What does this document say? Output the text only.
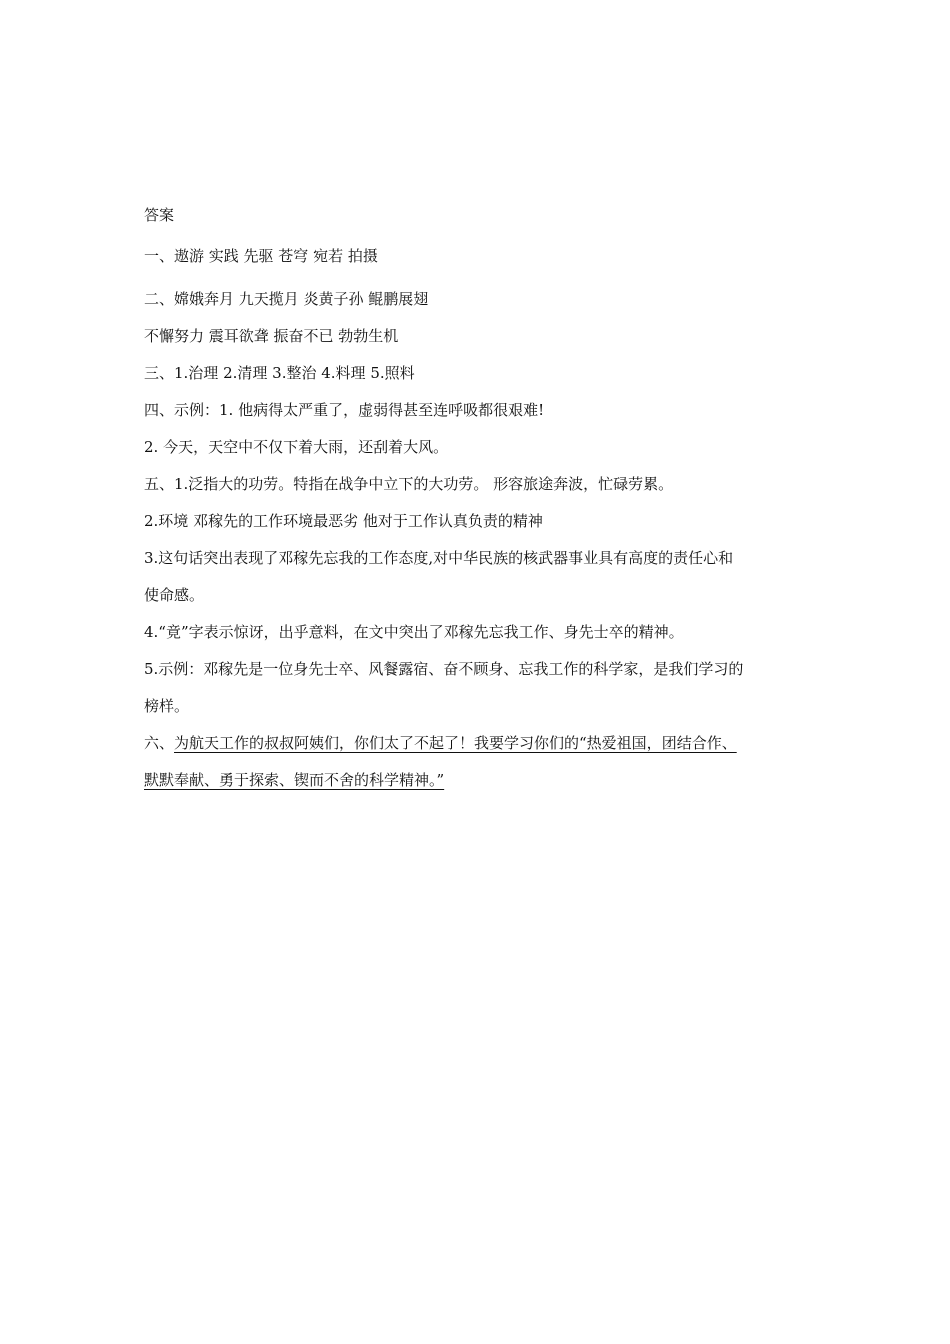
答案
一、遨游 实践 先驱 苍穹 宛若 拍摄
二、嫦娥奔月 九天揽月 炎黄子孙 鲲鹏展翅
不懈努力 震耳欲聋 振奋不已 勃勃生机
三、1.治理 2.清理 3.整治 4.料理 5.照料
四、示例：1. 他病得太严重了，虚弱得甚至连呼吸都很艰难!
2. 今天，天空中不仅下着大雨，还刮着大风。
五、1.泛指大的功劳。特指在战争中立下的大功劳。 形容旅途奔波，忙碌劳累。
2.环境 邓稼先的工作环境最恶劣 他对于工作认真负责的精神
3.这句话突出表现了邓稼先忘我的工作态度,对中华民族的核武器事业具有高度的责任心和
使命感。
4.“竟”字表示惊讶，出乎意料，在文中突出了邓稼先忘我工作、身先士卒的精神。
5.示例：邓稼先是一位身先士卒、风餐露宿、奋不顾身、忘我工作的科学家，是我们学习的
榜样。
六、为航天工作的叔叔阿姨们，你们太了不起了！我要学习你们的“热爱祖国，团结合作、
默默奉献、勇于探索、锲而不舍的科学精神。”
